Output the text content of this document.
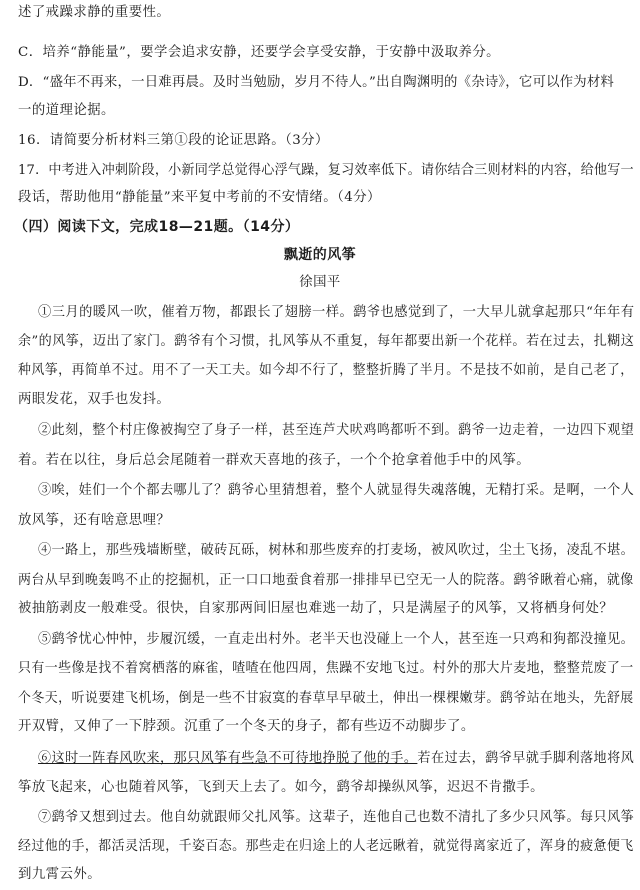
述了戒躁求静的重要性。
C．培养“静能量”，要学会追求安静，还要学会享受安静，于安静中汲取养分。
D．“盛年不再来，一日难再晨。及时当勉励，岁月不待人。”出自陶渊明的《杂诗》，它可以作为材料
一的道理论据。
16．请简要分析材料三第①段的论证思路。（3分）
17．中考进入冲刺阶段，小新同学总觉得心浮气躁，复习效率低下。请你结合三则材料的内容，给他写一
段话，帮助他用“静能量”来平复中考前的不安情绪。（4分）
（四）阅读下文，完成18—21题。（14分）
飘逝的风筝
徐国平
①三月的暖风一吹，催着万物，都跟长了翅膀一样。鹞爷也感觉到了，一大早儿就拿起那只“年年有
余”的风筝，迈出了家门。鹞爷有个习惯，扎风筝从不重复，每年都要出新一个花样。若在过去，扎糊这
种风筝，再简单不过。用不了一天工夫。如今却不行了，整整折腾了半月。不是技不如前，是自己老了，
两眼发花，双手也发抖。
②此刻，整个村庄像被掏空了身子一样，甚至连芦犬吠鸡鸣都听不到。鹞爷一边走着，一边四下观望
着。若在以往，身后总会尾随着一群欢天喜地的孩子，一个个抢拿着他手中的风筝。
③唉，娃们一个个都去哪儿了？鹞爷心里猜想着，整个人就显得失魂落魄，无精打采。是啊，一个人
放风筝，还有啥意思哩？
④一路上，那些残墙断壁，破砖瓦砾，树林和那些废弃的打麦场，被风吹过，尘土飞扬，凌乱不堪。
两台从早到晚轰鸣不止的挖掘机，正一口口地蚕食着那一排排早已空无一人的院落。鹞爷瞅着心痛，就像
被抽筋剥皮一般难受。很快，自家那两间旧屋也难逃一劫了，只是满屋子的风筝，又将栖身何处？
⑤鹞爷忧心忡忡，步履沉缓，一直走出村外。老半天也没碰上一个人，甚至连一只鸡和狗都没撞见。
只有一些像是找不着窝栖落的麻雀，喳喳在他四周，焦躁不安地飞过。村外的那大片麦地，整整荒废了一
个冬天，听说要建飞机场，倒是一些不甘寂寞的春草早早破土，伸出一棵棵嫩芽。鹞爷站在地头，先舒展
开双臂，又伸了一下脖颈。沉重了一个冬天的身子，都有些迈不动脚步了。
⑥这时一阵春风吹来，那只风筝有些急不可待地挣脱了他的手。若在过去，鹞爷早就手脚利落地将风
筝放飞起来，心也随着风筝，飞到天上去了。如今，鹞爷却操纵风筝，迟迟不肯撒手。
⑦鹞爷又想到过去。他自幼就跟师父扎风筝。这辈子，连他自己也数不清扎了多少只风筝。每只风筝
经过他的手，都活灵活现，千姿百态。那些走在归途上的人老远瞅着，就觉得离家近了，浑身的疲惫便飞
到九霄云外。
